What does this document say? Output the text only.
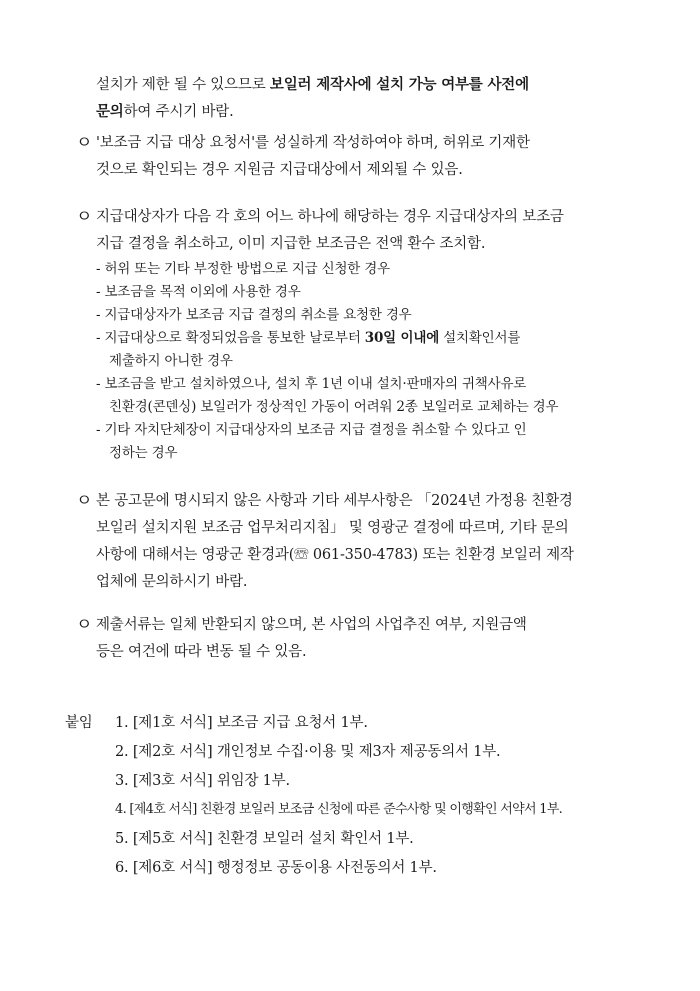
설치가 제한 될 수 있으므로 보일러 제작사에 설치 가능 여부를 사전에
문의하여 주시기 바람.
ㅇ '보조금 지급 대상 요청서'를 성실하게 작성하여야 하며, 허위로 기재한
것으로 확인되는 경우 지원금 지급대상에서 제외될 수 있음.
ㅇ 지급대상자가 다음 각 호의 어느 하나에 해당하는 경우 지급대상자의 보조금
지급 결정을 취소하고, 이미 지급한 보조금은 전액 환수 조치함.
- 허위 또는 기타 부정한 방법으로 지급 신청한 경우
- 보조금을 목적 이외에 사용한 경우
- 지급대상자가 보조금 지급 결정의 취소를 요청한 경우
- 지급대상으로 확정되었음을 통보한 날로부터 30일 이내에 설치확인서를
제출하지 아니한 경우
- 보조금을 받고 설치하였으나, 설치 후 1년 이내 설치·판매자의 귀책사유로
친환경(콘덴싱) 보일러가 정상적인 가동이 어려워 2종 보일러로 교체하는 경우
- 기타 자치단체장이 지급대상자의 보조금 지급 결정을 취소할 수 있다고 인
정하는 경우
ㅇ 본 공고문에 명시되지 않은 사항과 기타 세부사항은 「2024년 가정용 친환경
보일러 설치지원 보조금 업무처리지침」 및 영광군 결정에 따르며, 기타 문의
사항에 대해서는 영광군 환경과(☏ 061-350-4783) 또는 친환경 보일러 제작
업체에 문의하시기 바람.
ㅇ 제출서류는 일체 반환되지 않으며, 본 사업의 사업추진 여부, 지원금액
등은 여건에 따라 변동 될 수 있음.
붙임 1. [제1호 서식] 보조금 지급 요청서 1부.
2. [제2호 서식] 개인정보 수집·이용 및 제3자 제공동의서 1부.
3. [제3호 서식] 위임장 1부.
4. [제4호 서식] 친환경 보일러 보조금 신청에 따른 준수사항 및 이행확인 서약서 1부.
5. [제5호 서식] 친환경 보일러 설치 확인서 1부.
6. [제6호 서식] 행정정보 공동이용 사전동의서 1부.
